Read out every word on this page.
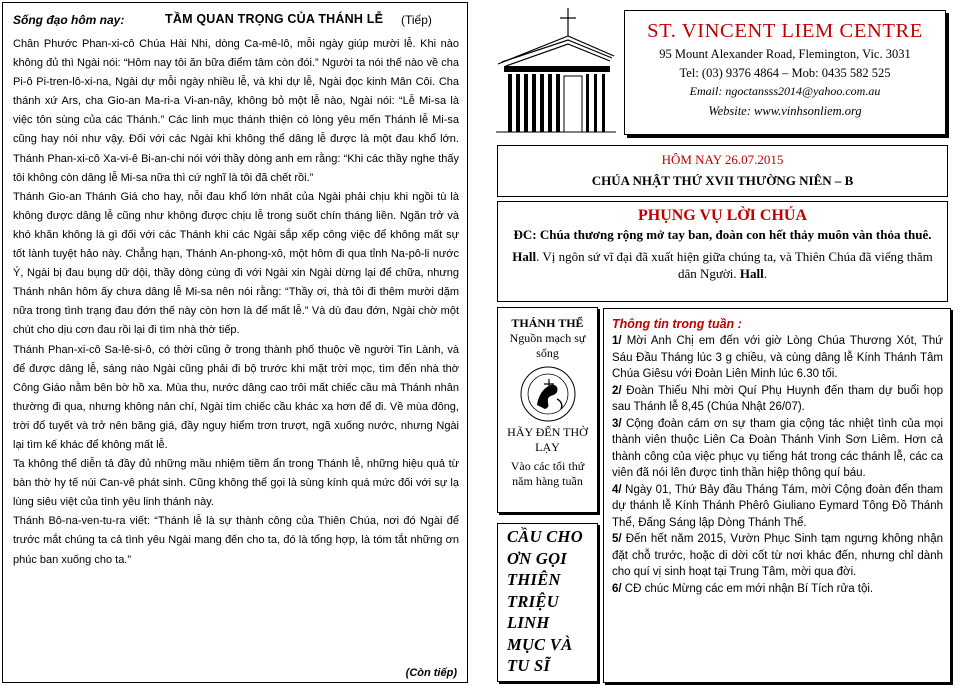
Sống đạo hôm nay:	TẦM QUAN TRỌNG CỦA THÁNH LỄ (Tiếp)

Chân Phước Phan-xi-cô Chúa Hài Nhi, dòng Ca-mê-lô, mỗi ngày giúp mười lễ. Khi nào không đủ thì Ngài nói: “Hôm nay tôi ăn bữa điểm tâm còn đói.” Người ta nói thế nào về cha Pi-ô Pi-tren-lô-xi-na, Ngài dự mỗi ngày nhiều lễ, và khi dự lễ, Ngài đọc kinh Mân Côi. Cha thánh xứ Ars, cha Gio-an Ma-ri-a Vi-an-nây, không bỏ một lễ nào, Ngài nói: “Lễ Mi-sa là việc tôn sùng của các Thánh.” Các linh mục thánh thiện có lòng yêu mến Thánh lễ Mi-sa cũng hay nói như vậy. Đối với các Ngài khi không thể dâng lễ được là một đau khổ lớn. Thánh Phan-xi-cô Xa-vi-ê Bi-an-chi nói với thầy dòng anh em rằng: “Khi các thầy nghe thấy tôi không còn dâng lễ Mi-sa nữa thì cứ nghĩ là tôi đã chết rồi.”

Thánh Gio-an Thánh Giá cho hay, nỗi đau khổ lớn nhất của Ngài phải chịu khi ngồi tù là không được dâng lễ cũng như không được chịu lễ trong suốt chín tháng liền. Ngăn trở và khó khăn không là gì đối với các Thánh khi các Ngài sắp xếp công việc để không mất sự tốt lành tuyệt hảo này. Chẳng hạn, Thánh An-phong-xô, một hôm đi qua tỉnh Na-pô-li nước Ý, Ngài bị đau bụng dữ dội, thầy dòng cùng đi với Ngài xin Ngài dừng lại để chữa, nhưng Thánh nhân hôm ấy chưa dâng lễ Mi-sa nên nói rằng: “Thầy ơi, thà tôi đi thêm mười dặm nữa trong tình trạng đau đớn thế này còn hơn là để mất lễ.” Và dù đau đớn, Ngài chờ một chút cho dịu cơn đau rồi lại đi tìm nhà thờ tiếp.

Thánh Phan-xi-cô Sa-lê-si-ô, có thời cũng ở trong thành phố thuộc về người Tin Lành, và để được dâng lễ, sáng nào Ngài cũng phải đi bộ trước khi mặt trời mọc, tìm đến nhà thờ Công Giáo nằm bên bờ hồ xa. Mùa thu, nước dâng cao trôi mất chiếc cầu mà Thánh nhân thường đi qua, nhưng không nản chí, Ngài tìm chiếc cầu khác xa hơn để đi. Về mùa đông, trời đổ tuyết và trở nên băng giá, đầy nguy hiểm trơn trượt, ngã xuống nước, nhưng Ngài lại tìm kế khác để không mất lễ.

Ta không thể diễn tả đầy đủ những mầu nhiệm tiềm ẩn trong Thánh lễ, những hiệu quả từ bàn thờ hy tế núi Can-vê phát sinh. Cũng không thể gọi là sùng kính quá mức đối với sự lạ lùng siêu việt của tình yêu linh thánh này.

Thánh Bô-na-ven-tu-ra viết: “Thánh lễ là sự thành công của Thiên Chúa, nơi đó Ngài để trước mắt chúng ta cả tình yêu Ngài mang đến cho ta, đó là tổng hợp, là tóm tắt những ơn phúc ban xuống cho ta.”

(Còn tiếp)
ST. VINCENT LIEM CENTRE
95 Mount Alexander Road, Flemington, Vic. 3031
Tel: (03) 9376 4864 – Mob: 0435 582 525
Email: ngoctansss2014@yahoo.com.au
Website: www.vinhsonliem.org
HÔM NAY 26.07.2015
CHÚA NHẬT THỨ XVII THƯỜNG NIÊN – B
PHỤNG VỤ LỜI CHÚA
ĐC: Chúa thương rộng mở tay ban, đoàn con hết thảy muôn vàn thỏa thuê.
Hall. Vị ngôn sứ vĩ đại đã xuất hiện giữa chúng ta, và Thiên Chúa đã viếng thăm dân Người. Hall.
THÁNH THỂ
Nguồn mạch sự sống
HÃY ĐẾN THỜ LẠY
Vào các tối thứ năm hàng tuần
CẦU CHO
ƠN GỌI
THIÊN
TRIỆU
LINH
MỤC VÀ
TU SĨ
Thông tin trong tuần :

1/ Mời Anh Chị em đến với giờ Lòng Chúa Thương Xót, Thứ Sáu Đầu Tháng lúc 3 g chiều, và cùng dâng lễ Kính Thánh Tâm Chúa Giêsu với Đoàn Liên Minh lúc 6.30 tối.

2/ Đoàn Thiếu Nhi mời Quí Phụ Huynh đến tham dự buổi họp sau Thánh lễ 8,45 (Chúa Nhật 26/07).

3/ Cộng đoàn cám ơn sự tham gia cộng tác nhiệt tình của mọi thành viên thuộc Liên Ca Đoàn Thánh Vinh Sơn Liêm. Hơn cả thành công của việc phục vụ tiếng hát trong các thánh lễ, các ca viên đã nói lên được tinh thần hiệp thông quí báu.

4/ Ngày 01, Thứ Bảy đầu Tháng Tám, mời Cộng đoàn đến tham dự thánh lễ Kính Thánh Phêrô Giuliano Eymard Tông Đồ Thánh Thể, Đấng Sáng lập Dòng Thánh Thể.

5/ Đến hết năm 2015, Vườn Phục Sinh tạm ngưng không nhận đặt chỗ trước, hoặc di dời cốt từ nơi khác đến, nhưng chỉ dành cho quí vị sinh hoạt tại Trung Tâm, mời qua đời.

6/ CĐ chúc Mừng các em mới nhận Bí Tích rửa tội.
